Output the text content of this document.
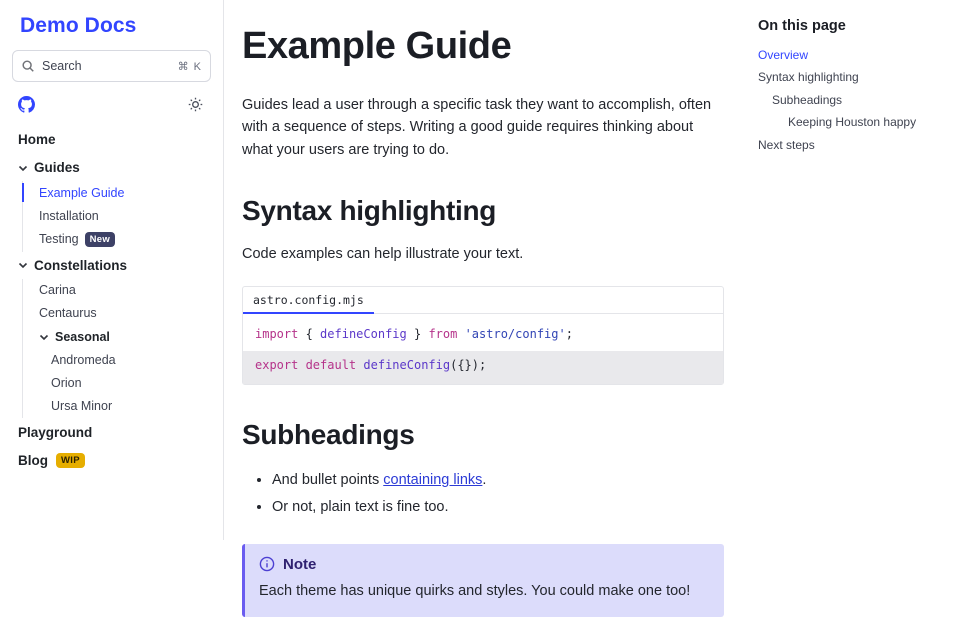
Demo Docs
Search	⌘ K
Home
Guides
Example Guide
Installation
Testing	New
Constellations
Carina
Centaurus
Seasonal
Andromeda
Orion
Ursa Minor
Playground
Blog	WIP
Example Guide

Guides lead a user through a specific task they want to accomplish, often with a sequence of steps. Writing a good guide requires thinking about what your users are trying to do.

Syntax highlighting

Code examples can help illustrate your text.

astro.config.mjs
import { defineConfig } from 'astro/config';
export default defineConfig({});
Subheadings
• And bullet points containing links.
• Or not, plain text is fine too.
Note
Each theme has unique quirks and styles. You could make one too!
On this page
Overview
Syntax highlighting
Subheadings
Keeping Houston happy
Next steps
